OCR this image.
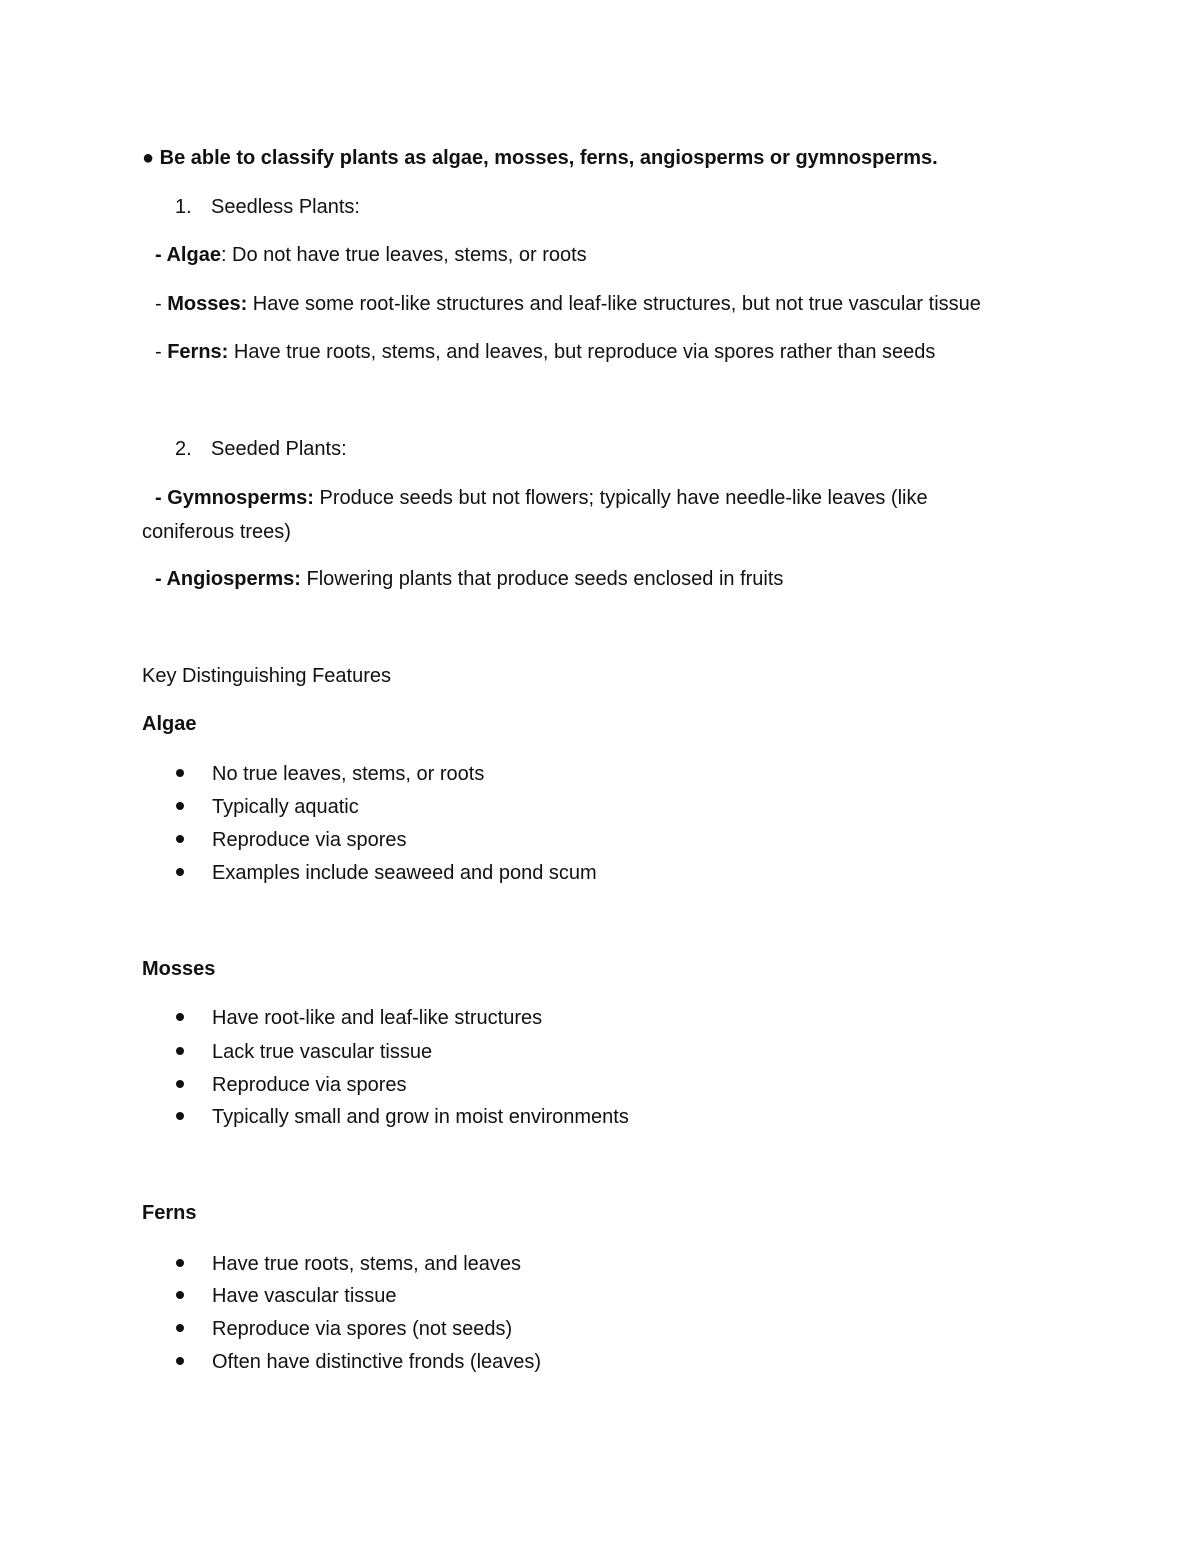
● Be able to classify plants as algae, mosses, ferns, angiosperms or gymnosperms.
1. Seedless Plants:
- Algae: Do not have true leaves, stems, or roots
- Mosses: Have some root-like structures and leaf-like structures, but not true vascular tissue
- Ferns: Have true roots, stems, and leaves, but reproduce via spores rather than seeds
2. Seeded Plants:
- Gymnosperms: Produce seeds but not flowers; typically have needle-like leaves (like coniferous trees)
- Angiosperms: Flowering plants that produce seeds enclosed in fruits
Key Distinguishing Features
Algae
No true leaves, stems, or roots
Typically aquatic
Reproduce via spores
Examples include seaweed and pond scum
Mosses
Have root-like and leaf-like structures
Lack true vascular tissue
Reproduce via spores
Typically small and grow in moist environments
Ferns
Have true roots, stems, and leaves
Have vascular tissue
Reproduce via spores (not seeds)
Often have distinctive fronds (leaves)
